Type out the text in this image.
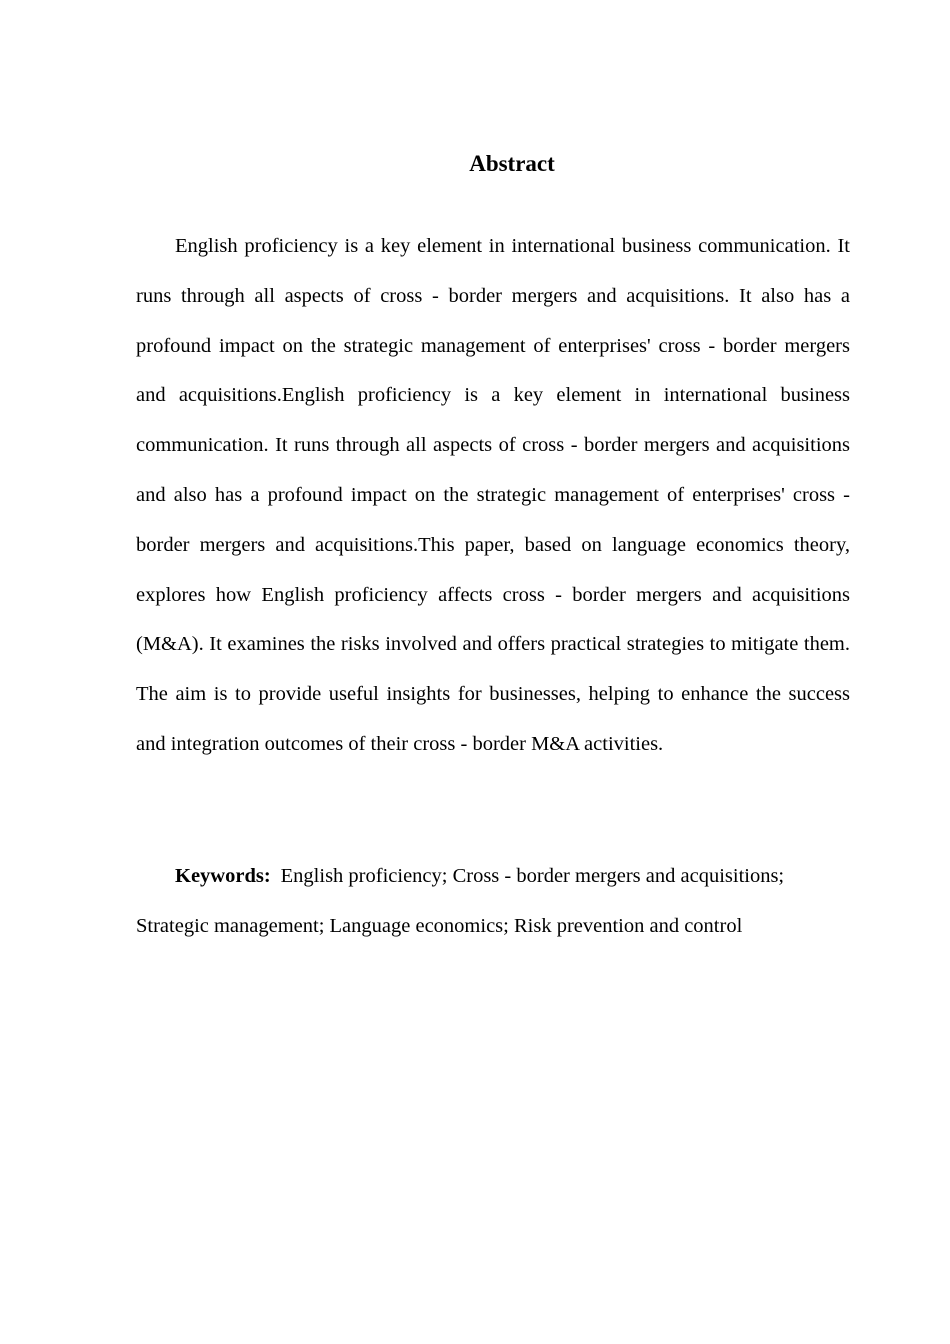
Abstract

English proficiency is a key element in international business communication. It runs through all aspects of cross - border mergers and acquisitions. It also has a profound impact on the strategic management of enterprises' cross - border mergers and acquisitions.English proficiency is a key element in international business communication. It runs through all aspects of cross - border mergers and acquisitions and also has a profound impact on the strategic management of enterprises' cross - border mergers and acquisitions.This paper, based on language economics theory, explores how English proficiency affects cross - border mergers and acquisitions (M&A). It examines the risks involved and offers practical strategies to mitigate them. The aim is to provide useful insights for businesses, helping to enhance the success and integration outcomes of their cross - border M&A activities.

Keywords: English proficiency; Cross - border mergers and acquisitions; Strategic management; Language economics; Risk prevention and control
